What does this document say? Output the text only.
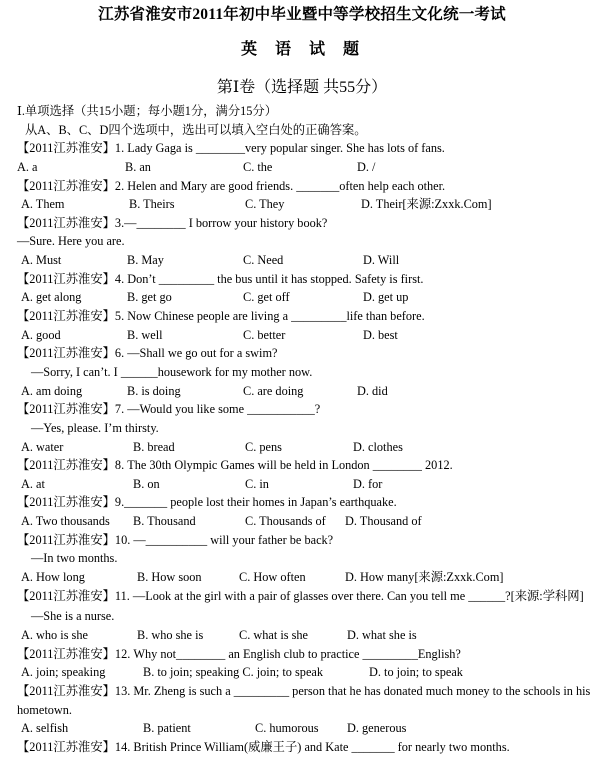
江苏省淮安市2011年初中毕业暨中等学校招生文化统一考试
英语试题
第Ⅰ卷（选择题 共55分）
Ⅰ.单项选择（共15小题；每小题1分，满分15分）
从A、B、C、D四个选项中，选出可以填入空白处的正确答案。
【2011江苏淮安】1. Lady Gaga is ________very popular singer. She has lots of fans.
A. a	B. an	C. the	D. /
【2011江苏淮安】2. Helen and Mary are good friends. _______often help each other.
A. Them	B. Theirs	C. They	D. Their[来源:Zxxk.Com]
【2011江苏淮安】3.—________ I borrow your history book?
—Sure. Here you are.
A. Must	B. May	C. Need	D. Will
【2011江苏淮安】4. Don’t _________ the bus until it has stopped. Safety is first.
A. get along	B. get go	C. get off	D. get up
【2011江苏淮安】5. Now Chinese people are living a _________life than before.
A. good	B. well	C. better	D. best
【2011江苏淮安】6. —Shall we go out for a swim?
—Sorry, I can’t. I ______housework for my mother now.
A. am doing	B. is doing	C. are doing	D. did
【2011江苏淮安】7. —Would you like some ___________?
—Yes, please. I’m thirsty.
A. water	B. bread	C. pens	D. clothes
【2011江苏淮安】8. The 30th Olympic Games will be held in London ________ 2012.
A. at	B. on	C. in	D. for
【2011江苏淮安】9._______ people lost their homes in Japan’s earthquake.
A. Two thousands B. Thousand	C. Thousands of D. Thousand of
【2011江苏淮安】10. —__________ will your father be back?
—In two months.
A. How long	B. How soon	C. How often	D. How many[来源:Zxxk.Com]
【2011江苏淮安】11. —Look at the girl with a pair of glasses over there. Can you tell me ______?[来源:学科网]
—She is a nurse.
A. who is she	B. who she is	C. what is she	D. what she is
【2011江苏淮安】12. Why not________ an English club to practice _________English?
A. join; speaking	B. to join; speaking C. join; to speak	D. to join; to speak
【2011江苏淮安】13. Mr. Zheng is such a _________ person that he has donated much money to the schools in his hometown.
A. selfish	B. patient	C. humorous D. generous
【2011江苏淮安】14. British Prince William(威廉王子) and Kate _______ for nearly two months.
